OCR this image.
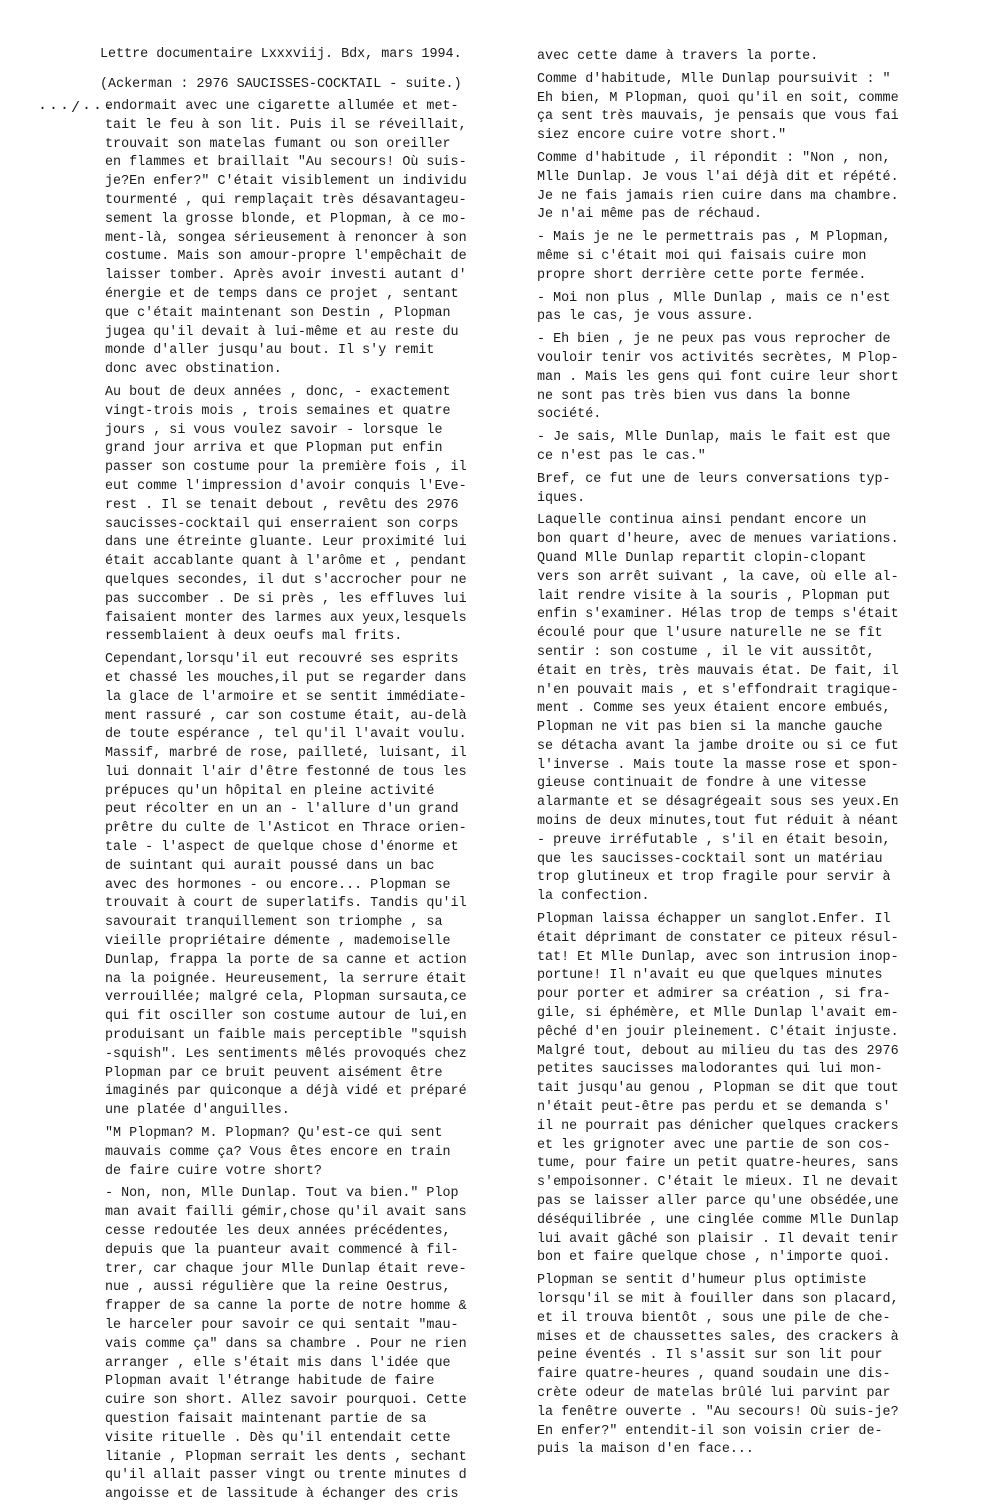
···/···
Lettre documentaire Lxxxviij. Bdx, mars 1994.
(Ackerman : 2976 SAUCISSES-COCKTAIL - suite.)
endormait avec une cigarette allumée et met-
tait le feu à son lit. Puis il se réveillait,
trouvait son matelas fumant ou son oreiller
en flammes et braillait "Au secours! Où suis-
je?En enfer?" C'était visiblement un individu
tourmenté , qui remplaçait très désavantageu-
sement la grosse blonde, et Plopman, à ce mo-
ment-là, songea sérieusement à renoncer à son
costume. Mais son amour-propre l'empêchait de
laisser tomber. Après avoir investi autant d'
énergie et de temps dans ce projet , sentant
que c'était maintenant son Destin , Plopman
jugea qu'il devait à lui-même et au reste du
monde d'aller jusqu'au bout. Il s'y remit
donc avec obstination.
Au bout de deux années , donc, - exactement
vingt-trois mois , trois semaines et quatre
jours , si vous voulez savoir - lorsque le
grand jour arriva et que Plopman put enfin
passer son costume pour la première fois , il
eut comme l'impression d'avoir conquis l'Eve-
rest . Il se tenait debout , revêtu des 2976
saucisses-cocktail qui enserraient son corps
dans une étreinte gluante. Leur proximité lui
était accablante quant à l'arôme et , pendant
quelques secondes, il dut s'accrocher pour ne
pas succomber . De si près , les effluves lui
faisaient monter des larmes aux yeux,lesquels
ressemblaient à deux oeufs mal frits.
Cependant,lorsqu'il eut recouvré ses esprits
et chassé les mouches,il put se regarder dans
la glace de l'armoire et se sentit immédiate-
ment rassuré , car son costume était, au-delà
de toute espérance , tel qu'il l'avait voulu.
Massif, marbré de rose, pailleté, luisant, il
lui donnait l'air d'être festonné de tous les
prépuces qu'un hôpital en pleine activité
peut récolter en un an - l'allure d'un grand
prêtre du culte de l'Asticot en Thrace orien-
tale - l'aspect de quelque chose d'énorme et
de suintant qui aurait poussé dans un bac
avec des hormones - ou encore... Plopman se
trouvait à court de superlatifs. Tandis qu'il
savourait tranquillement son triomphe , sa
vieille propriétaire démente , mademoiselle
Dunlap, frappa la porte de sa canne et action
na la poignée. Heureusement, la serrure était
verrouillée; malgré cela, Plopman sursauta,ce
qui fit osciller son costume autour de lui,en
produisant un faible mais perceptible "squish
-squish". Les sentiments mêlés provoqués chez
Plopman par ce bruit peuvent aisément être
imaginés par quiconque a déjà vidé et préparé
une platée d'anguilles.
"M Plopman? M. Plopman? Qu'est-ce qui sent
mauvais comme ça? Vous êtes encore en train
de faire cuire votre short?
- Non, non, Mlle Dunlap. Tout va bien." Plop
man avait failli gémir,chose qu'il avait sans
cesse redoutée les deux années précédentes,
depuis que la puanteur avait commencé à fil-
trer, car chaque jour Mlle Dunlap était reve-
nue , aussi régulière que la reine Oestrus,
frapper de sa canne la porte de notre homme &
le harceler pour savoir ce qui sentait "mau-
vais comme ça" dans sa chambre . Pour ne rien
arranger , elle s'était mis dans l'idée que
Plopman avait l'étrange habitude de faire
cuire son short. Allez savoir pourquoi. Cette
question faisait maintenant partie de sa
visite rituelle . Dès qu'il entendait cette
litanie , Plopman serrait les dents , sechant
qu'il allait passer vingt ou trente minutes d
angoisse et de lassitude à échanger des cris
avec cette dame à travers la porte.
Comme d'habitude, Mlle Dunlap poursuivit : "
Eh bien, M Plopman, quoi qu'il en soit, comme
ça sent très mauvais, je pensais que vous fai
siez encore cuire votre short."
Comme d'habitude , il répondit : "Non , non,
Mlle Dunlap. Je vous l'ai déjà dit et répété.
Je ne fais jamais rien cuire dans ma chambre.
Je n'ai même pas de réchaud.
- Mais je ne le permettrais pas , M Plopman,
même si c'était moi qui faisais cuire mon
propre short derrière cette porte fermée.
- Moi non plus , Mlle Dunlap , mais ce n'est
pas le cas, je vous assure.
- Eh bien , je ne peux pas vous reprocher de
vouloir tenir vos activités secrètes, M Plop-
man . Mais les gens qui font cuire leur short
ne sont pas très bien vus dans la bonne
société.
- Je sais, Mlle Dunlap, mais le fait est que
ce n'est pas le cas."
Bref, ce fut une de leurs conversations typ-
iques.
Laquelle continua ainsi pendant encore un
bon quart d'heure, avec de menues variations.
Quand Mlle Dunlap repartit clopin-clopant
vers son arrêt suivant , la cave, où elle al-
lait rendre visite à la souris , Plopman put
enfin s'examiner. Hélas trop de temps s'était
écoulé pour que l'usure naturelle ne se fît
sentir : son costume , il le vit aussitôt,
était en très, très mauvais état. De fait, il
n'en pouvait mais , et s'effondrait tragique-
ment . Comme ses yeux étaient encore embués,
Plopman ne vit pas bien si la manche gauche
se détacha avant la jambe droite ou si ce fut
l'inverse . Mais toute la masse rose et spon-
gieuse continuait de fondre à une vitesse
alarmante et se désagrégeait sous ses yeux.En
moins de deux minutes,tout fut réduit à néant
- preuve irréfutable , s'il en était besoin,
que les saucisses-cocktail sont un matériau
trop glutineux et trop fragile pour servir à
la confection.
Plopman laissa échapper un sanglot.Enfer. Il
était déprimant de constater ce piteux résul-
tat! Et Mlle Dunlap, avec son intrusion inop-
portune! Il n'avait eu que quelques minutes
pour porter et admirer sa création , si fra-
gile, si éphémère, et Mlle Dunlap l'avait em-
pêché d'en jouir pleinement. C'était injuste.
Malgré tout, debout au milieu du tas des 2976
petites saucisses malodorantes qui lui mon-
tait jusqu'au genou , Plopman se dit que tout
n'était peut-être pas perdu et se demanda s'
il ne pourrait pas dénicher quelques crackers
et les grignoter avec une partie de son cos-
tume, pour faire un petit quatre-heures, sans
s'empoisonner. C'était le mieux. Il ne devait
pas se laisser aller parce qu'une obsédée,une
déséquilibrée , une cinglée comme Mlle Dunlap
lui avait gâché son plaisir . Il devait tenir
bon et faire quelque chose , n'importe quoi.
Plopman se sentit d'humeur plus optimiste
lorsqu'il se mit à fouiller dans son placard,
et il trouva bientôt , sous une pile de che-
mises et de chaussettes sales, des crackers à
peine éventés . Il s'assit sur son lit pour
faire quatre-heures , quand soudain une dis-
crète odeur de matelas brûlé lui parvint par
la fenêtre ouverte . "Au secours! Où suis-je?
En enfer?" entendit-il son voisin crier de-
puis la maison d'en face...
